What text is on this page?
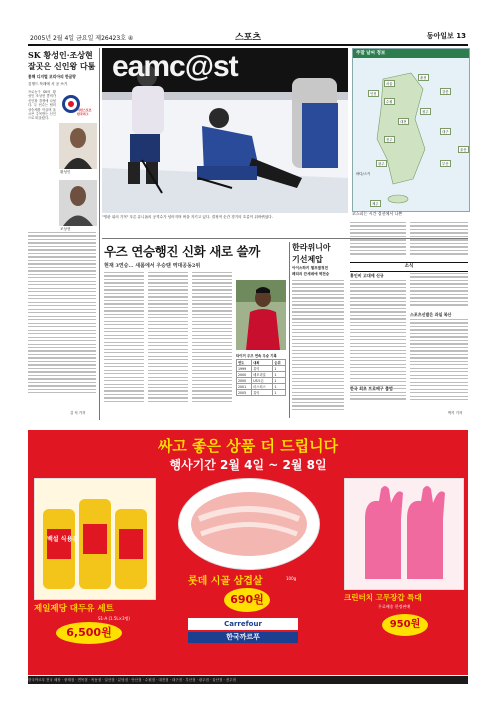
2005년 2월 4일 금요일 제26423호 ④	스포츠	동아일보 13
SK 황성인·조상현
잘곳은 신인왕 다툼
통해 디지털 코리아의 한글랑
김명드 북레에 서 공 쓰기
프로농구 SK의 황성인 조상현 콤비가 신인왕 경쟁에 나섰다. 두 선수는 팀의 상승세를 이끌며 올 시즌 주목받는 신인으로 떠올랐다.
이런스포츠 한국리그
황성인
조상현
김 석 기자
eamc@st
"빙판 위의 기적" 푸른 유니폼의 공격수가 넘어지며 퍽을 지키고 있다. 결정적 순간 경기의 흐름이 뒤바뀌었다.
주말 날씨 정보
바다/스키
서울
인천
수원
춘천
강릉
대전
청주
전주
광주
대구
부산
울산
제주
코스피는 시간 결선에서 나쁜
우즈 연승행진 신화 새로 쓸까
현재 3연승… 새폼에서 우승땐 역대공동2위
타이거 우즈 연속 우승 기록
연도	대회	순위
1999	뷰익	1
2000	메모리얼	1
2000	US오픈	1
2001	마스터스	1
2005	뷰익	1
한라위니아
기선제압
아이스하키 챔프결정전
페리의 끈세데에 역전승
소식
홍인비 고대에 신규
한국 최초 프로배구 출범
스포츠신발은 과일 복산
박기 기자
싸고 좋은 상품 더 드립니다
행사기간 2월 4일 ~ 2월 8일
백설 식용유
제일제당 대두유 세트
S1-A (1.5L×3병)
6,500원
롯데 시골 삼겹살	100g
690원
Carrefour
한국까르푸
크린터치 고무장갑 특대
무료배송 한정판매
950원
한국까르푸 전국 매장 · 중계점 · 면목점 · 목동점 · 일산점 · 분당점 · 안산점 · 수원점 · 대전점 · 대구점 · 부산점 · 광주점 · 울산점 · 전주점
